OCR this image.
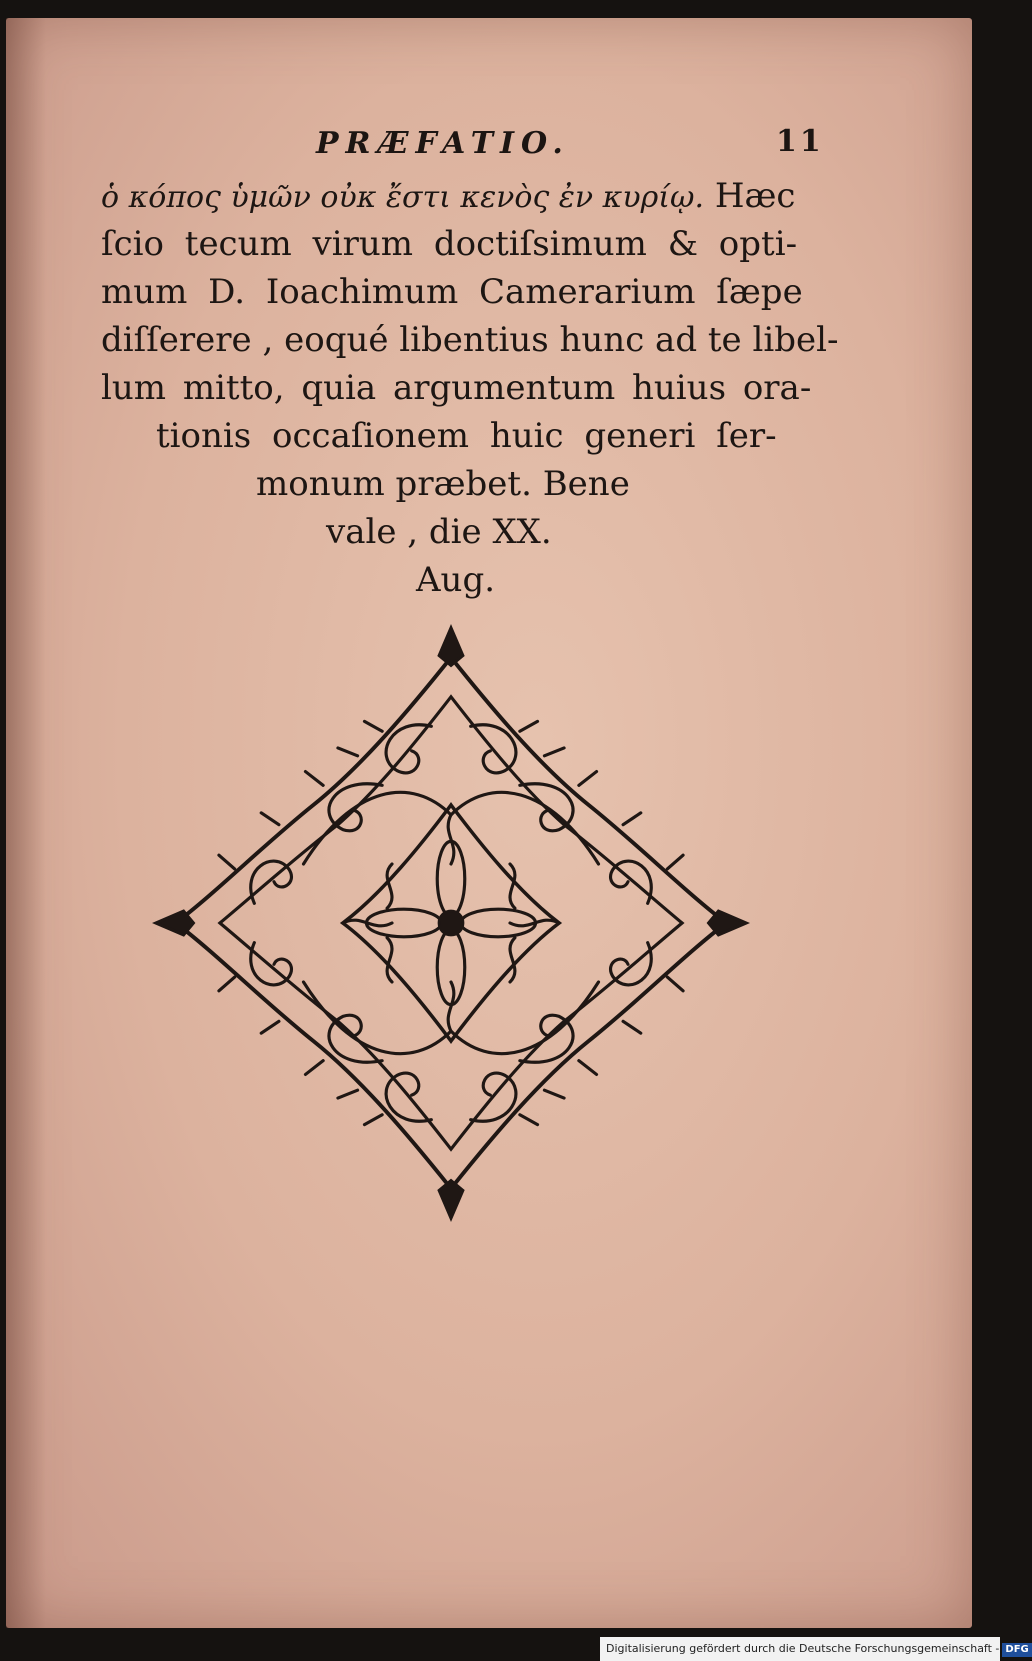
PRÆFATIO.	11
ὁ κόπος ὑμῶν οὐκ ἔστι κενὸς ἐν κυρίῳ. Hæc
ſcio tecum virum doctiſsimum & opti-
mum D. Ioachimum Camerarium ſæpe
diſſerere , eoqué libentius hunc ad te libel-
lum mitto, quia argumentum huius ora-
tionis occaſionem huic generi ſer-
monum præbet. Bene
vale , die XX.
Aug.
Digitalisierung gefördert durch die Deutsche Forschungsgemeinschaft - DFG
